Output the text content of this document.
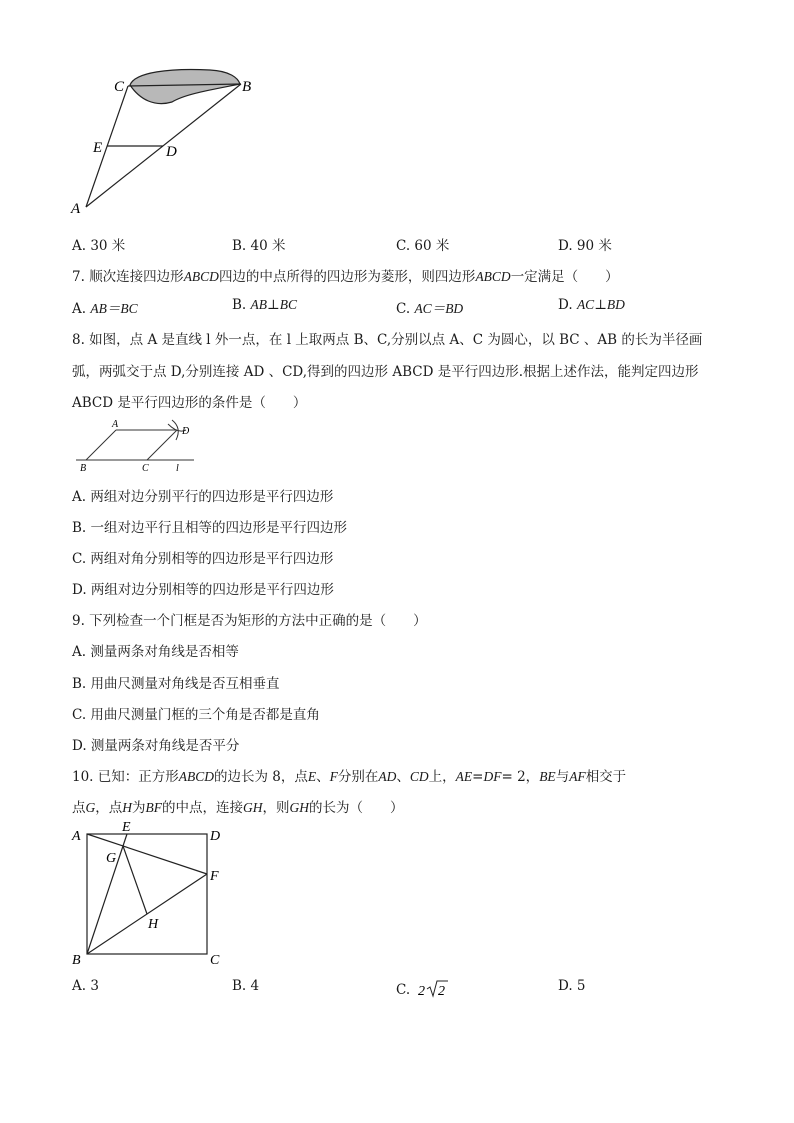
C	B
E	D
A
A. 30 米	B. 40 米	C. 60 米	D. 90 米
7. 顺次连接四边形ABCD四边的中点所得的四边形为菱形，则四边形ABCD一定满足（　　）
A. AB＝BC	B. AB⊥BC	C. AC＝BD	D. AC⊥BD
8. 如图，点 A 是直线 l 外一点，在 l 上取两点 B、C,分别以点 A、C 为圆心，以 BC 、AB 的长为半径画
弧，两弧交于点 D,分别连接 AD 、CD,得到的四边形 ABCD 是平行四边形.根据上述作法，能判定四边形
ABCD 是平行四边形的条件是（　　）
A
D
B	C	l
A. 两组对边分别平行的四边形是平行四边形
B. 一组对边平行且相等的四边形是平行四边形
C. 两组对角分别相等的四边形是平行四边形
D. 两组对边分别相等的四边形是平行四边形
9. 下列检查一个门框是否为矩形的方法中正确的是（　　）
A. 测量两条对角线是否相等
B. 用曲尺测量对角线是否互相垂直
C. 用曲尺测量门框的三个角是否都是直角
D. 测量两条对角线是否平分
10. 已知：正方形ABCD的边长为 8，点E、F分别在AD、CD上，AE=DF= 2，BE与AF相交于
点G，点H为BF的中点，连接GH，则GH的长为（　　）
A
E
D
G
F
H
B	C
A. 3	B. 4	C. 2 2	D. 5
